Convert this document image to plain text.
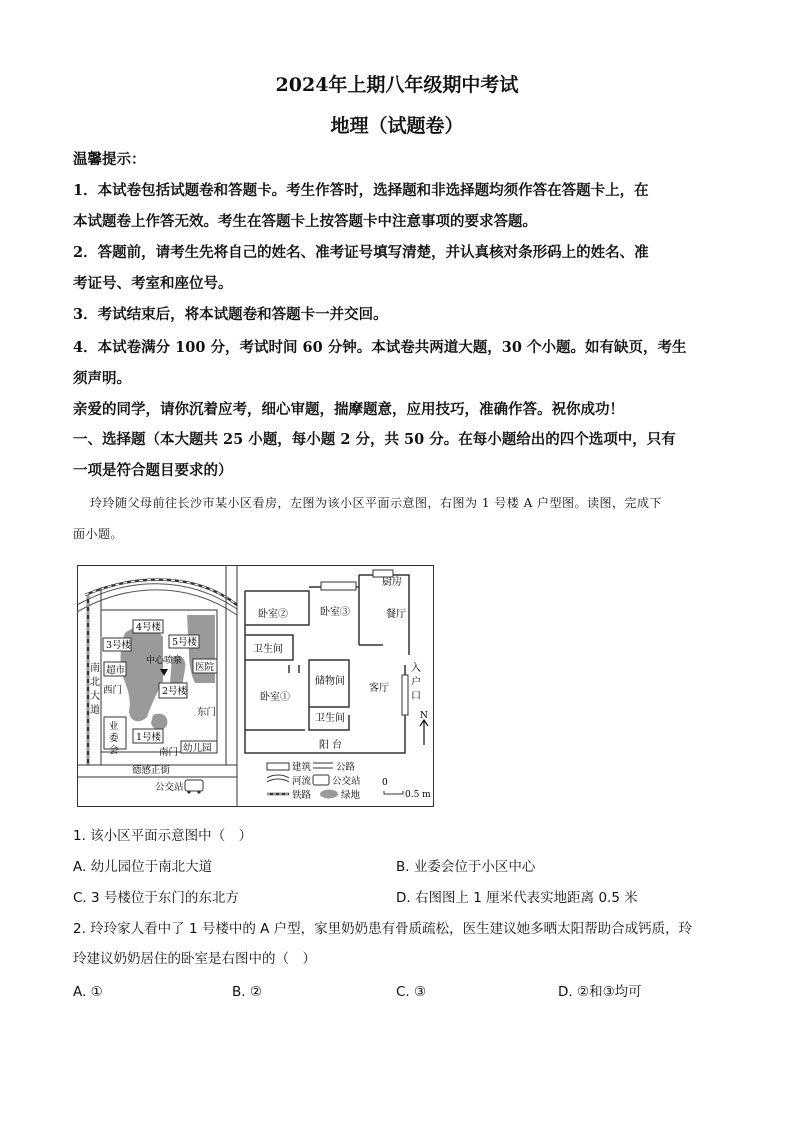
2024年上期八年级期中考试
地理（试题卷）
温馨提示：
1．本试卷包括试题卷和答题卡。考生作答时，选择题和非选择题均须作答在答题卡上，在
本试题卷上作答无效。考生在答题卡上按答题卡中注意事项的要求答题。
2．答题前，请考生先将自己的姓名、准考证号填写清楚，并认真核对条形码上的姓名、准
考证号、考室和座位号。
3．考试结束后，将本试题卷和答题卡一并交回。
4．本试卷满分 100 分，考试时间 60 分钟。本试卷共两道大题，30 个小题。如有缺页，考生
须声明。
亲爱的同学，请你沉着应考，细心审题，揣摩题意，应用技巧，准确作答。祝你成功！
一、选择题（本大题共 25 小题，每小题 2 分，共 50 分。在每小题给出的四个选项中，只有
一项是符合题目要求的）
玲玲随父母前往长沙市某小区看房，左图为该小区平面示意图，右图为 1 号楼 A 户型图。读图，完成下
面小题。
4号楼
3号楼	5号楼
超市	医院
2号楼
1号楼
幼儿园
中心喷泉
西门
东门
南门
德感正街
公交站
南
北
大
道
业
委
会
厨房
卧室②	卧室③	餐厅
卫生间
储物间
卧室①
客厅
卫生间
阳 台
入
户
口
N
建筑	公路
河流 公交站
铁路	绿地
0
0.5 m
1. 该小区平面示意图中（　）
A. 幼儿园位于南北大道	B. 业委会位于小区中心
C. 3 号楼位于东门的东北方	D. 右图图上 1 厘米代表实地距离 0.5 米
2. 玲玲家人看中了 1 号楼中的 A 户型，家里奶奶患有骨质疏松，医生建议她多晒太阳帮助合成钙质，玲
玲建议奶奶居住的卧室是右图中的（　）
A. ①	B. ②	C. ③	D. ②和③均可
